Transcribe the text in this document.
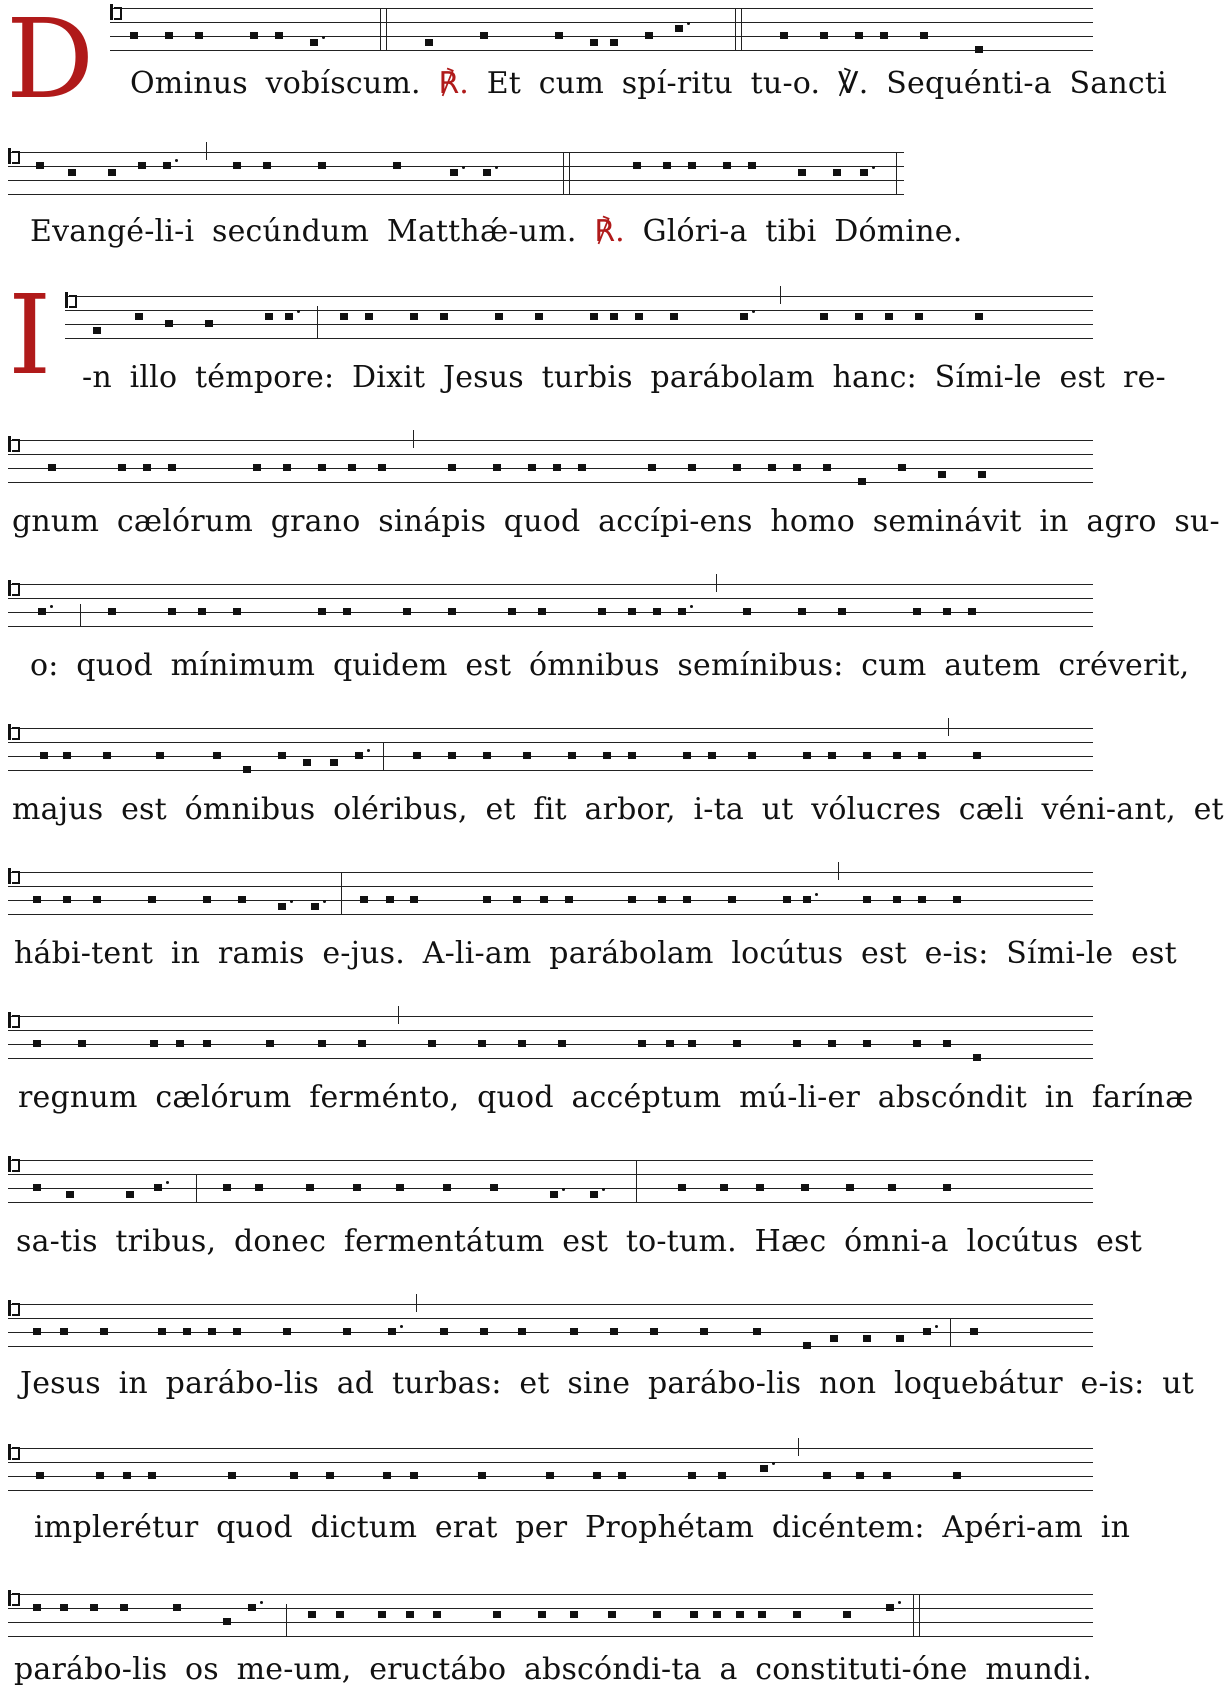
D
I
Ominus vobíscum. ℟. Et cum spí-ritu tu-o. ℣. Sequénti-a Sancti
Evangé-li-i secúndum Matthǽ-um. ℟. Glóri-a tibi Dómine.
-n illo témpore: Dixit Jesus turbis parábolam hanc: Sími-le est re-
gnum cælórum grano sinápis quod accípi-ens homo seminávit in agro su-
o: quod mínimum quidem est ómnibus semínibus: cum autem créverit,
majus est ómnibus oléribus, et fit arbor, i-ta ut vólucres cæli véni-ant, et
hábi-tent in ramis e-jus. A-li-am parábolam locútus est e-is: Sími-le est
regnum cælórum ferménto, quod accéptum mú-li-er abscóndit in farínæ
sa-tis tribus, donec fermentátum est to-tum. Hæc ómni-a locútus est
Jesus in parábo-lis ad turbas: et sine parábo-lis non loquebátur e-is: ut
implerétur quod dictum erat per Prophétam dicéntem: Apéri-am in
parábo-lis os me-um, eructábo abscóndi-ta a constituti-óne mundi.
